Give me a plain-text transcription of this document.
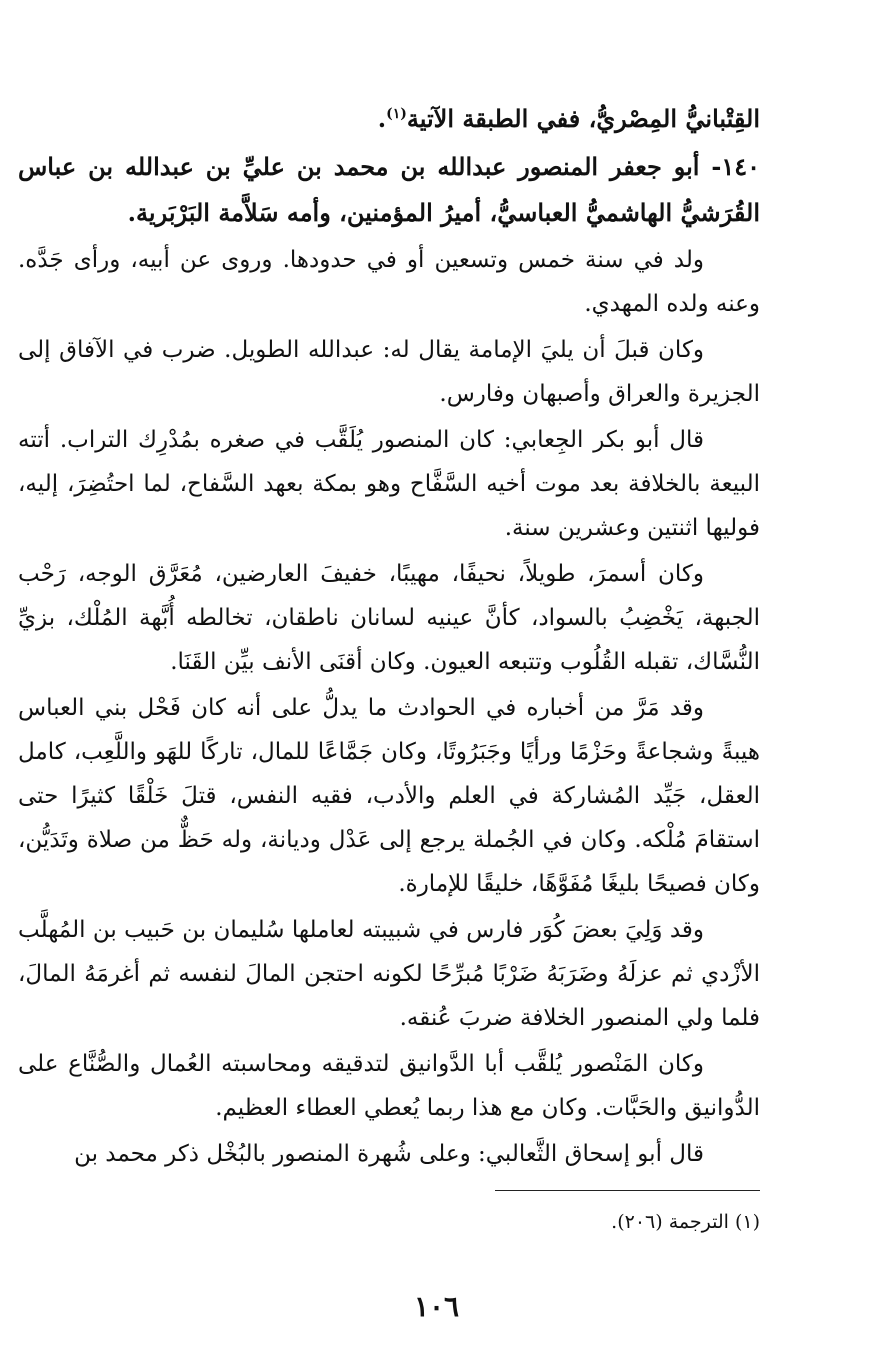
القِتْبانيُّ المِصْريُّ، ففي الطبقة الآتية$^{(١)}$.

١٤٠- أبو جعفر المنصور عبدالله بن محمد بن عليِّ بن عبدالله بن عباس القُرَشيُّ الهاشميُّ العباسيُّ، أميرُ المؤمنين، وأمه سَلاَّمة البَرْبَرية.

ولد في سنة خمس وتسعين أو في حدودها. وروى عن أبيه، ورأى جَدَّه. وعنه ولده المهدي.

وكان قبلَ أن يليَ الإمامة يقال له: عبدالله الطويل. ضرب في الآفاق إلى الجزيرة والعراق وأصبهان وفارس.

قال أبو بكر الجِعابي: كان المنصور يُلَقَّب في صغره بمُدْرِك التراب. أتته البيعة بالخلافة بعد موت أخيه السَّفَّاح وهو بمكة بعهد السَّفاح، لما احتُضِرَ، إليه، فوليها اثنتين وعشرين سنة.

وكان أسمرَ، طويلاً، نحيفًا، مهيبًا، خفيفَ العارضين، مُعَرَّق الوجه، رَحْب الجبهة، يَخْضِبُ بالسواد، كأنَّ عينيه لسانان ناطقان، تخالطه أُبَّهة المُلْك، بزيِّ النُّسَّاك، تقبله القُلُوب وتتبعه العيون. وكان أقنَى الأنف بيِّن القَنَا.

وقد مَرَّ من أخباره في الحوادث ما يدلُّ على أنه كان فَحْل بني العباس هيبةً وشجاعةً وحَزْمًا ورأيًا وجَبَرُوتًا، وكان جَمَّاعًا للمال، تاركًا للهَو واللَّعِب، كامل العقل، جَيِّد المُشاركة في العلم والأدب، فقيه النفس، قتلَ خَلْقًا كثيرًا حتى استقامَ مُلْكه. وكان في الجُملة يرجع إلى عَدْل وديانة، وله حَظٌّ من صلاة وتَدَيُّن، وكان فصيحًا بليغًا مُفَوَّهًا، خليقًا للإمارة.

وقد وَلِيَ بعضَ كُوَر فارس في شبيبته لعاملها سُليمان بن حَبيب بن المُهلَّب الأزْدي ثم عزلَهُ وضَرَبَهُ ضَرْبًا مُبرِّحًا لكونه احتجن المالَ لنفسه ثم أغرمَهُ المالَ، فلما ولي المنصور الخلافة ضربَ عُنقه.

وكان المَنْصور يُلقَّب أبا الدَّوانيق لتدقيقه ومحاسبته العُمال والصُّنَّاع على الدُّوانيق والحَبَّات. وكان مع هذا ربما يُعطي العطاء العظيم.

قال أبو إسحاق الثَّعالبي: وعلى شُهرة المنصور بالبُخْل ذكر محمد بن

(١) الترجمة (٢٠٦).
١٠٦
